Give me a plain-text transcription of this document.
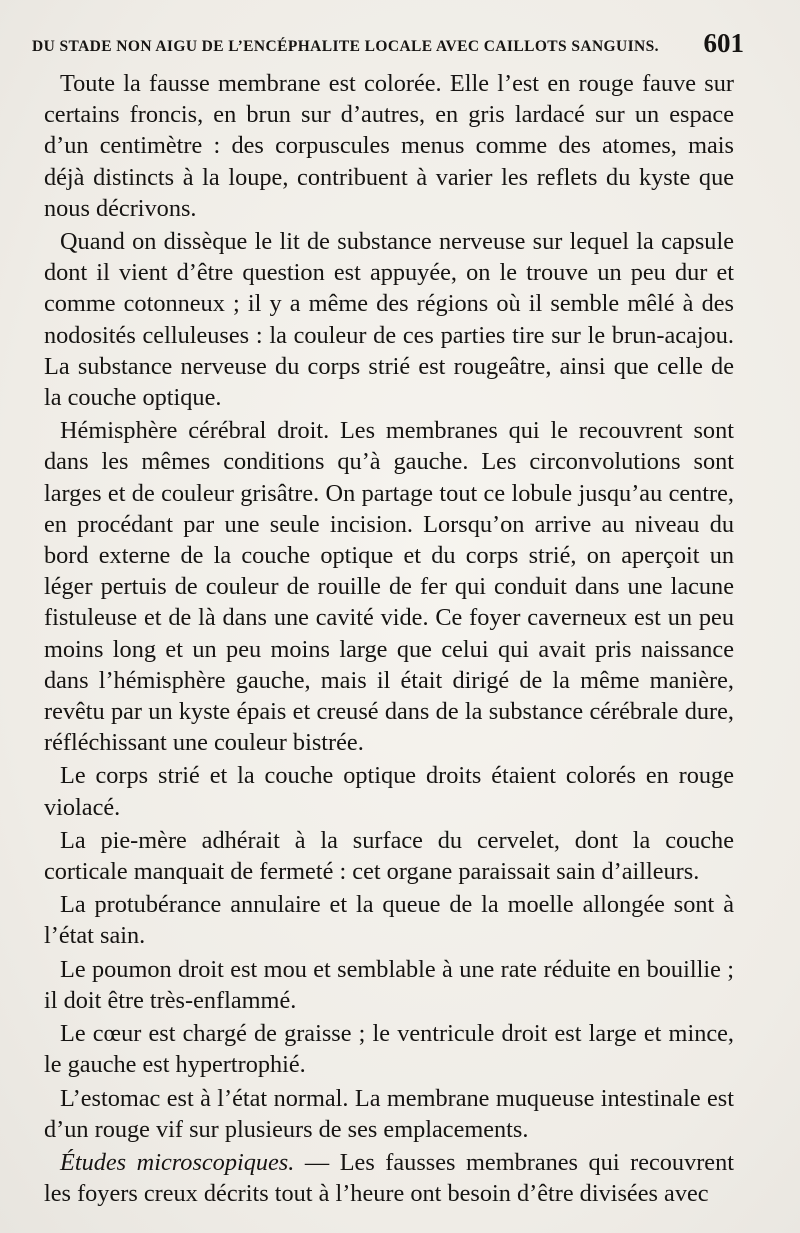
DU STADE NON AIGU DE L’ENCÉPHALITE LOCALE AVEC CAILLOTS SANGUINS. 601

Toute la fausse membrane est colorée. Elle l’est en rouge fauve sur certains froncis, en brun sur d’autres, en gris lardacé sur un espace d’un centimètre : des corpuscules menus comme des atomes, mais déjà distincts à la loupe, contribuent à varier les reflets du kyste que nous décrivons.

Quand on dissèque le lit de substance nerveuse sur lequel la capsule dont il vient d’être question est appuyée, on le trouve un peu dur et comme cotonneux ; il y a même des régions où il semble mêlé à des nodosités celluleuses : la couleur de ces parties tire sur le brun-acajou. La substance nerveuse du corps strié est rougeâtre, ainsi que celle de la couche optique.

Hémisphère cérébral droit. Les membranes qui le recouvrent sont dans les mêmes conditions qu’à gauche. Les circonvolutions sont larges et de couleur grisâtre. On partage tout ce lobule jusqu’au centre, en procédant par une seule incision. Lorsqu’on arrive au niveau du bord externe de la couche optique et du corps strié, on aperçoit un léger pertuis de couleur de rouille de fer qui conduit dans une lacune fistuleuse et de là dans une cavité vide. Ce foyer caverneux est un peu moins long et un peu moins large que celui qui avait pris naissance dans l’hémisphère gauche, mais il était dirigé de la même manière, revêtu par un kyste épais et creusé dans de la substance cérébrale dure, réfléchissant une couleur bistrée.

Le corps strié et la couche optique droits étaient colorés en rouge violacé.

La pie-mère adhérait à la surface du cervelet, dont la couche corticale manquait de fermeté : cet organe paraissait sain d’ailleurs.

La protubérance annulaire et la queue de la moelle allongée sont à l’état sain.

Le poumon droit est mou et semblable à une rate réduite en bouillie ; il doit être très-enflammé.

Le cœur est chargé de graisse ; le ventricule droit est large et mince, le gauche est hypertrophié.

L’estomac est à l’état normal. La membrane muqueuse intestinale est d’un rouge vif sur plusieurs de ses emplacements.

Études microscopiques. — Les fausses membranes qui recouvrent les foyers creux décrits tout à l’heure ont besoin d’être divisées avec
